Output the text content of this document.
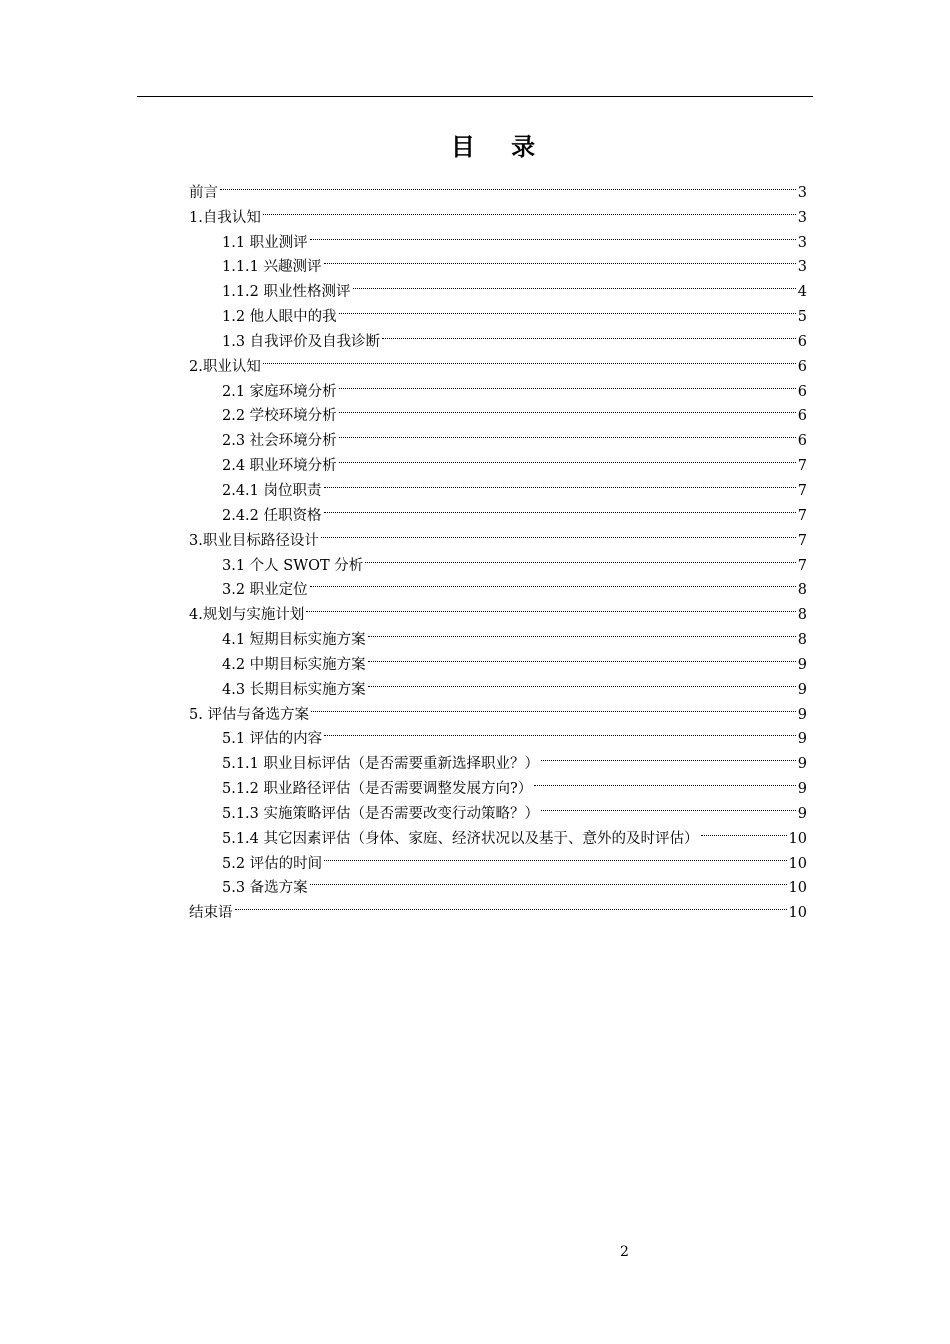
目 录
前言	3
1.自我认知	3
1.1 职业测评	3
1.1.1 兴趣测评	3
1.1.2 职业性格测评	4
1.2 他人眼中的我	5
1.3 自我评价及自我诊断	6
2.职业认知	6
2.1 家庭环境分析	6
2.2 学校环境分析	6
2.3 社会环境分析	6
2.4 职业环境分析	7
2.4.1 岗位职责	7
2.4.2 任职资格	7
3.职业目标路径设计	7
3.1 个人 SWOT 分析	7
3.2 职业定位	8
4.规划与实施计划	8
4.1 短期目标实施方案	8
4.2 中期目标实施方案	9
4.3 长期目标实施方案	9
5. 评估与备选方案	9
5.1 评估的内容	9
5.1.1 职业目标评估（是否需要重新选择职业？）	9
5.1.2 职业路径评估（是否需要调整发展方向?）	9
5.1.3 实施策略评估（是否需要改变行动策略？）	9
5.1.4 其它因素评估（身体、家庭、经济状况以及基于、意外的及时评估）	10
5.2 评估的时间	10
5.3 备选方案	10
结束语	10
2
